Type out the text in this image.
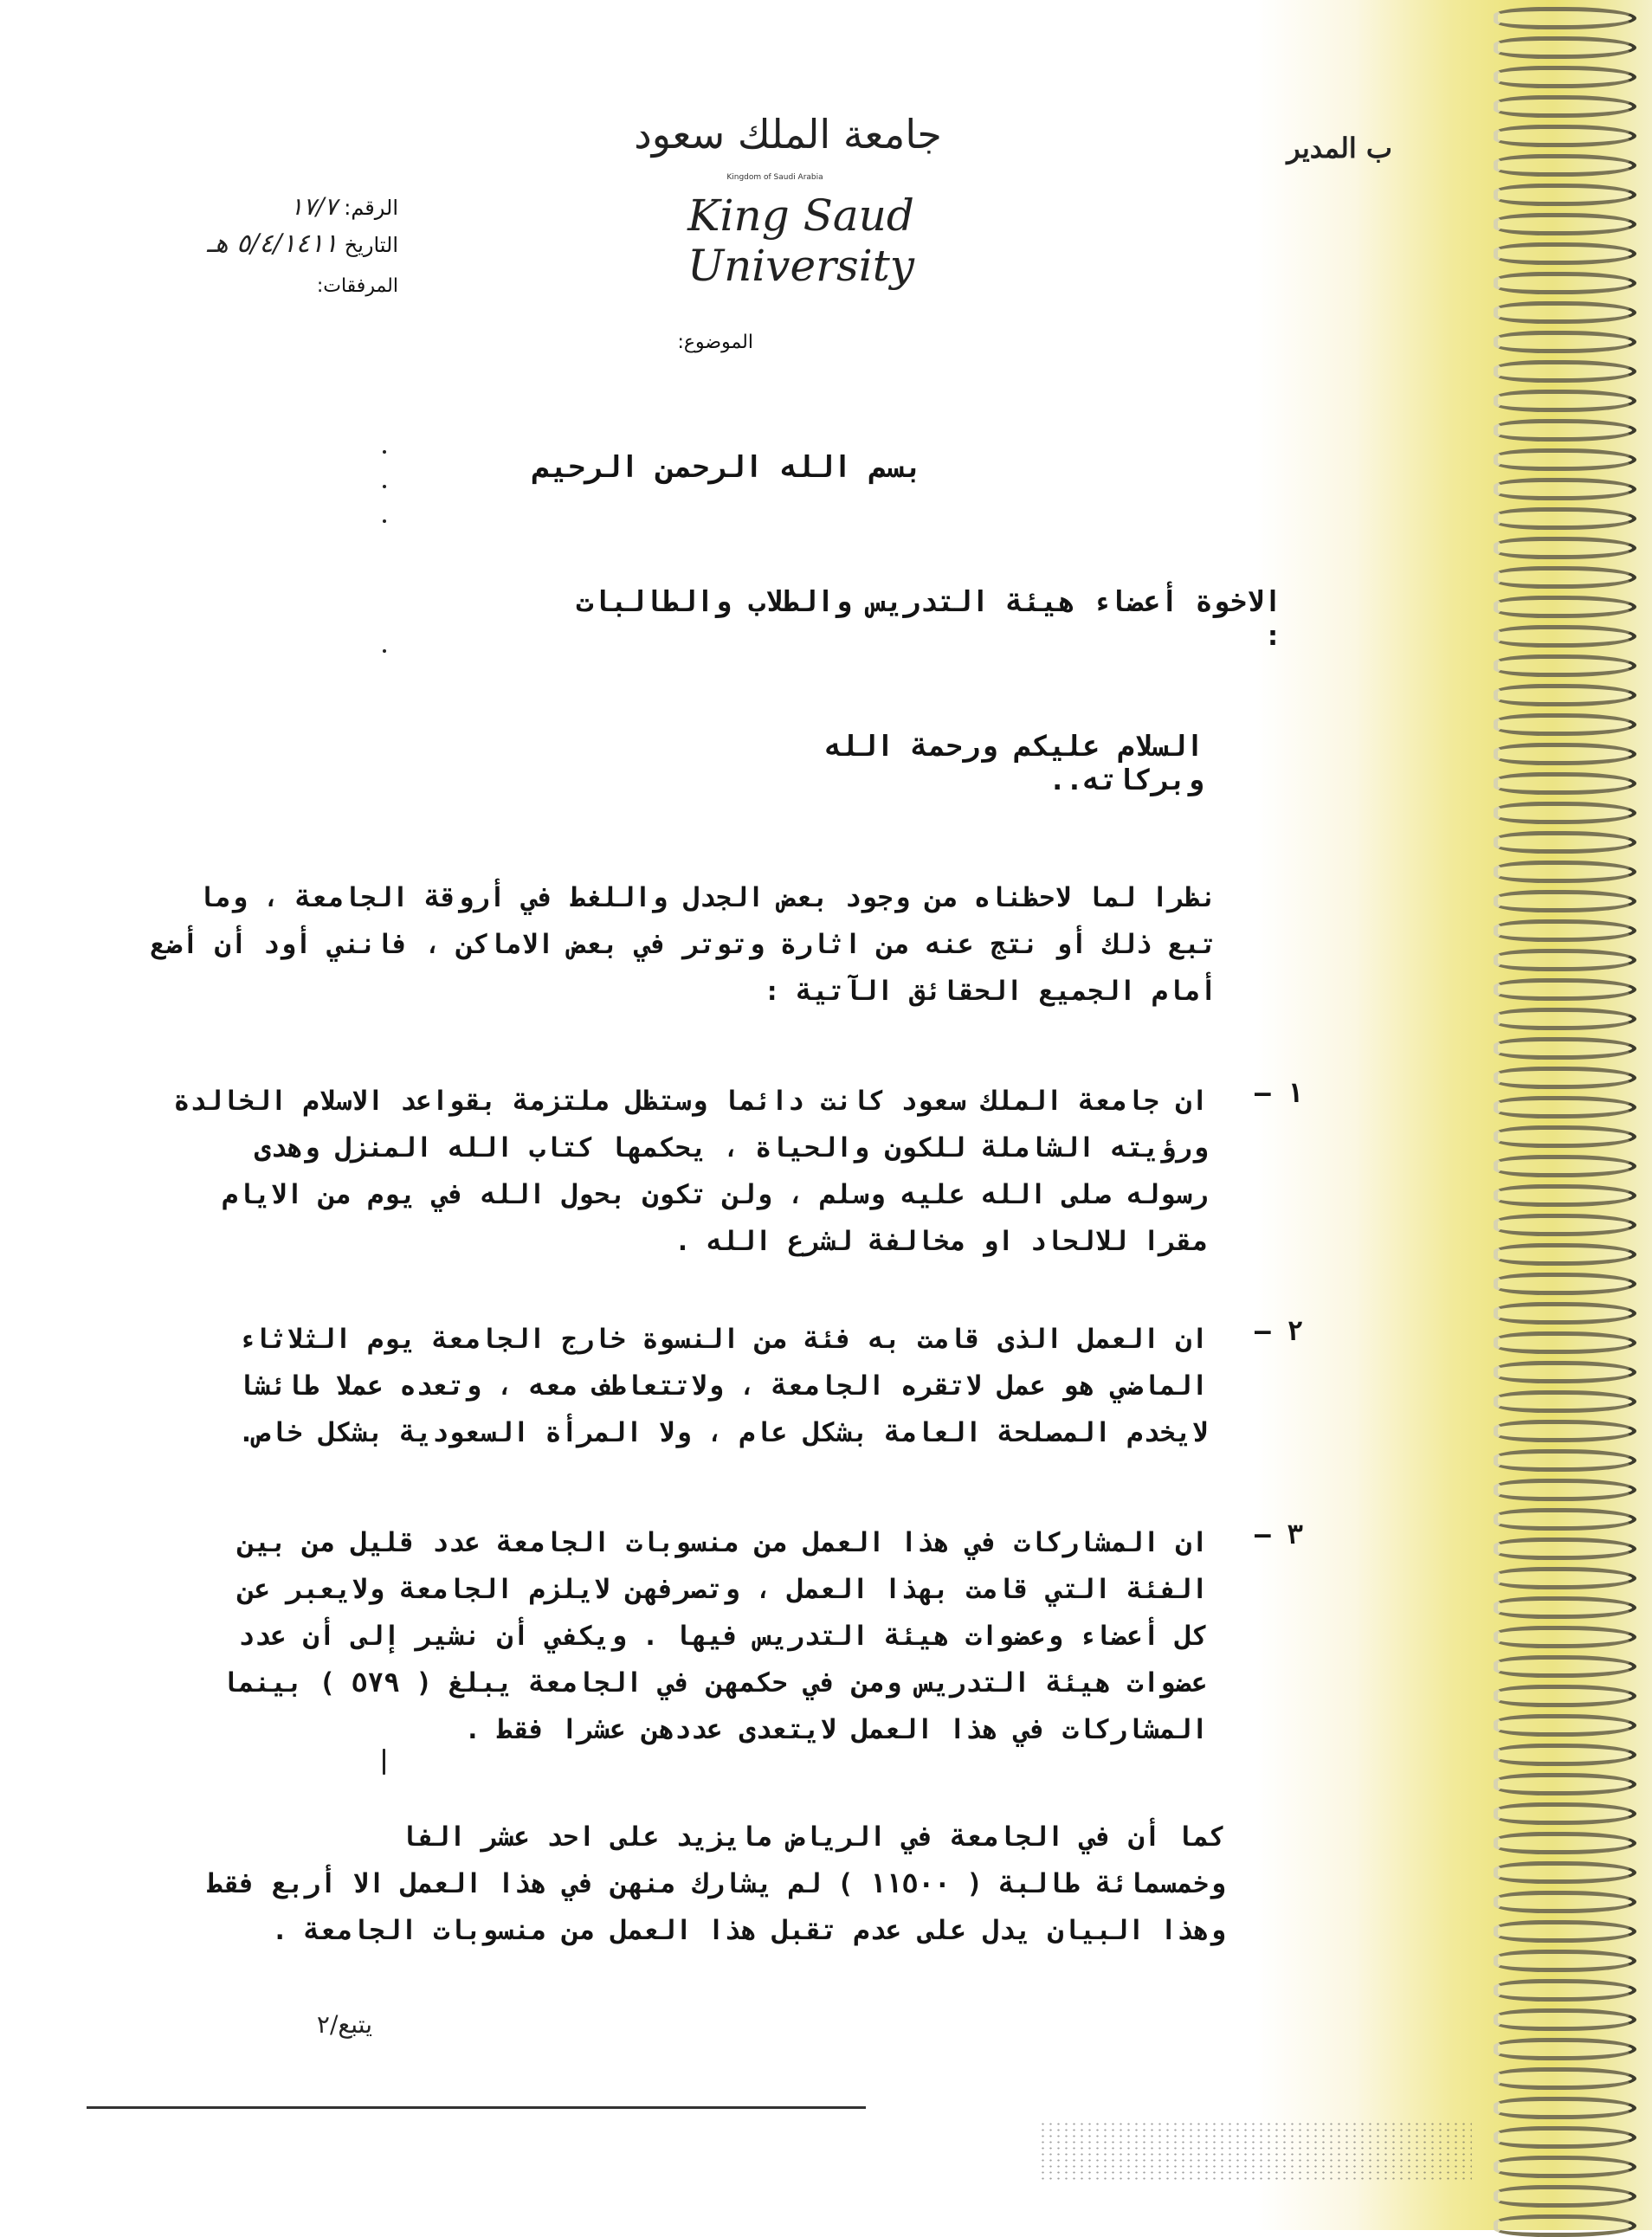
ب المدير
جامعة الملك سعود
Kingdom of Saudi Arabia
King Saud University
الرقم: ١٧/٧
التاريخ ٥/٤/١٤١١ هـ
المرفقات:
الموضوع:
بسم الله الرحمن الرحيم
الاخوة أعضاء هيئة التدريس والطلاب والطالبات :
السلام عليكم ورحمة الله وبركاته..
نظرا لما لاحظناه من وجود بعض الجدل واللغط في أروقة الجامعة ، وما
تبع ذلك أو نتج عنه من اثارة وتوتر في بعض الاماكن ، فانني أود أن أضع
أمام الجميع الحقائق الآتية :
١ –
ان جامعة الملك سعود كانت دائما وستظل ملتزمة بقواعد الاسلام الخالدة
ورؤيته الشاملة للكون والحياة ، يحكمها كتاب الله المنزل وهدى
رسوله صلى الله عليه وسلم ، ولن تكون بحول الله في يوم من الايام
مقرا للالحاد او مخالفة لشرع الله .
٢ –
ان العمل الذى قامت به فئة من النسوة خارج الجامعة يوم الثلاثاء
الماضي هو عمل لاتقره الجامعة ، ولاتتعاطف معه ، وتعده عملا طائشا
لايخدم المصلحة العامة بشكل عام ، ولا المرأة السعودية بشكل خاص.
٣ –
ان المشاركات في هذا العمل من منسوبات الجامعة عدد قليل من بين
الفئة التي قامت بهذا العمل ، وتصرفهن لايلزم الجامعة ولايعبر عن
كل أعضاء وعضوات هيئة التدريس فيها . ويكفي أن نشير إلى أن عدد
عضوات هيئة التدريس ومن في حكمهن في الجامعة يبلغ ( ٥٧٩ ) بينما
المشاركات في هذا العمل لايتعدى عددهن عشرا فقط .
كما أن في الجامعة في الرياض مايزيد على احد عشر الفا
وخمسمائة طالبة ( ١١٥٠٠ ) لم يشارك منهن في هذا العمل الا أربع فقط
وهذا البيان يدل على عدم تقبل هذا العمل من منسوبات الجامعة .
يتبع/٢
